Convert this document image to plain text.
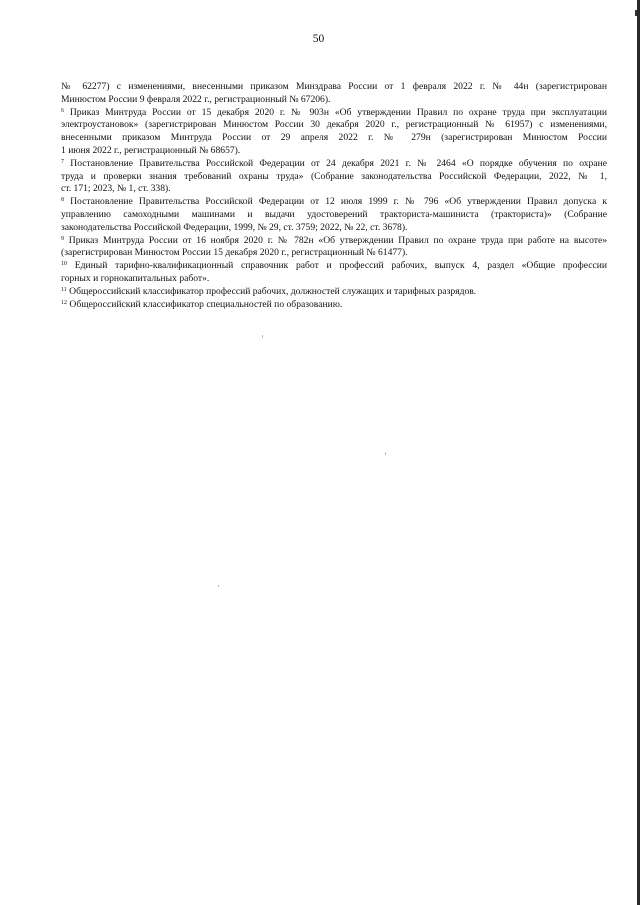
50
№ 62277) с изменениями, внесенными приказом Минздрава России от 1 февраля 2022 г. № 44н (зарегистрирован
Минюстом России 9 февраля 2022 г., регистрационный № 67206).
$^6$ Приказ Минтруда России от 15 декабря 2020 г. № 903н «Об утверждении Правил по охране труда при эксплуатации
электроустановок» (зарегистрирован Минюстом России 30 декабря 2020 г., регистрационный № 61957) с изменениями,
внесенными приказом Минтруда России от 29 апреля 2022 г. № 279н (зарегистрирован Минюстом России
1 июня 2022 г., регистрационный № 68657).
$^7$ Постановление Правительства Российской Федерации от 24 декабря 2021 г. № 2464 «О порядке обучения по охране
труда и проверки знания требований охраны труда» (Собрание законодательства Российской Федерации, 2022, № 1,
ст. 171; 2023, № 1, ст. 338).
$^8$ Постановление Правительства Российской Федерации от 12 июля 1999 г. № 796 «Об утверждении Правил допуска к
управлению самоходными машинами и выдачи удостоверений тракториста-машиниста (тракториста)» (Собрание
законодательства Российской Федерации, 1999, № 29, ст. 3759; 2022, № 22, ст. 3678).
$^9$ Приказ Минтруда России от 16 ноября 2020 г. № 782н «Об утверждении Правил по охране труда при работе на высоте»
(зарегистрирован Минюстом России 15 декабря 2020 г., регистрационный № 61477).
$^{10}$ Единый тарифно-квалификационный справочник работ и профессий рабочих, выпуск 4, раздел «Общие профессии
горных и горнокапитальных работ».
$^{11}$ Общероссийский классификатор профессий рабочих, должностей служащих и тарифных разрядов.
$^{12}$ Общероссийский классификатор специальностей по образованию.
